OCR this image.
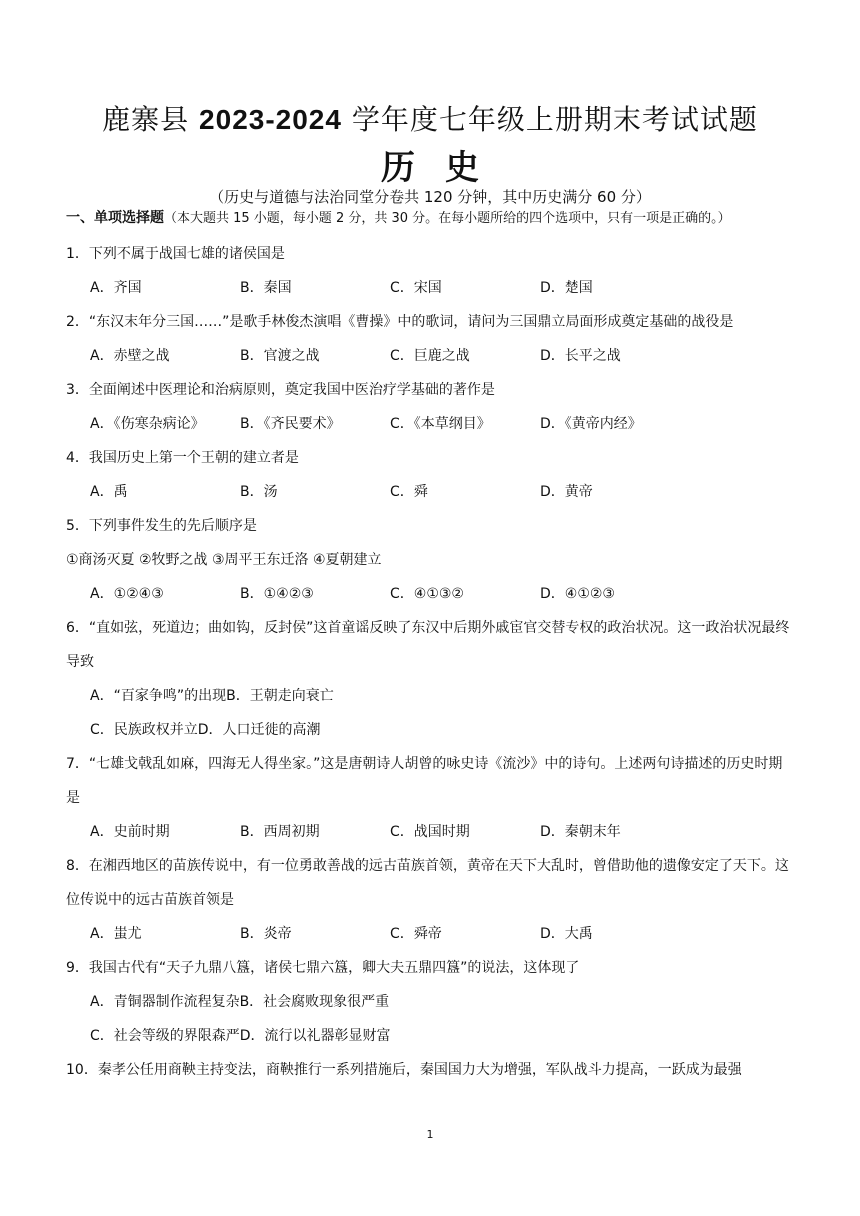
鹿寨县 2023-2024 学年度七年级上册期末考试试题
历史
（历史与道德与法治同堂分卷共 120 分钟，其中历史满分 60 分）
一、单项选择题（本大题共 15 小题，每小题 2 分，共 30 分。在每小题所给的四个选项中，只有一项是正确的。）
1．下列不属于战国七雄的诸侯国是
A．齐国	B．秦国	C．宋国	D．楚国
2．“东汉末年分三国……”是歌手林俊杰演唱《曹操》中的歌词，请问为三国鼎立局面形成奠定基础的战役是
A．赤壁之战	B．官渡之战	C．巨鹿之战	D．长平之战
3．全面阐述中医理论和治病原则，奠定我国中医治疗学基础的著作是
A．《伤寒杂病论》	B．《齐民要术》	C．《本草纲目》	D．《黄帝内经》
4．我国历史上第一个王朝的建立者是
A．禹	B．汤	C．舜	D．黄帝
5．下列事件发生的先后顺序是
①商汤灭夏 ②牧野之战 ③周平王东迁洛 ④夏朝建立
A．①②④③	B．①④②③	C．④①③②	D．④①②③
6．“直如弦，死道边；曲如钩，反封侯”这首童谣反映了东汉中后期外戚宦官交替专权的政治状况。这一政治状况最终导致
A．“百家争鸣”的出现 B．王朝走向衰亡
C．民族政权并立 D．人口迁徙的高潮
7．“七雄戈戟乱如麻，四海无人得坐家。”这是唐朝诗人胡曾的咏史诗《流沙》中的诗句。上述两句诗描述的历史时期是
A．史前时期	B．西周初期	C．战国时期	D．秦朝末年
8．在湘西地区的苗族传说中，有一位勇敢善战的远古苗族首领，黄帝在天下大乱时，曾借助他的遗像安定了天下。这位传说中的远古苗族首领是
A．蚩尤	B．炎帝	C．舜帝	D．大禹
9．我国古代有“天子九鼎八簋，诸侯七鼎六簋，卿大夫五鼎四簋”的说法，这体现了
A．青铜器制作流程复杂 B．社会腐败现象很严重
C．社会等级的界限森严 D．流行以礼器彰显财富
10．秦孝公任用商鞅主持变法，商鞅推行一系列措施后，秦国国力大为增强，军队战斗力提高，一跃成为最强
1
